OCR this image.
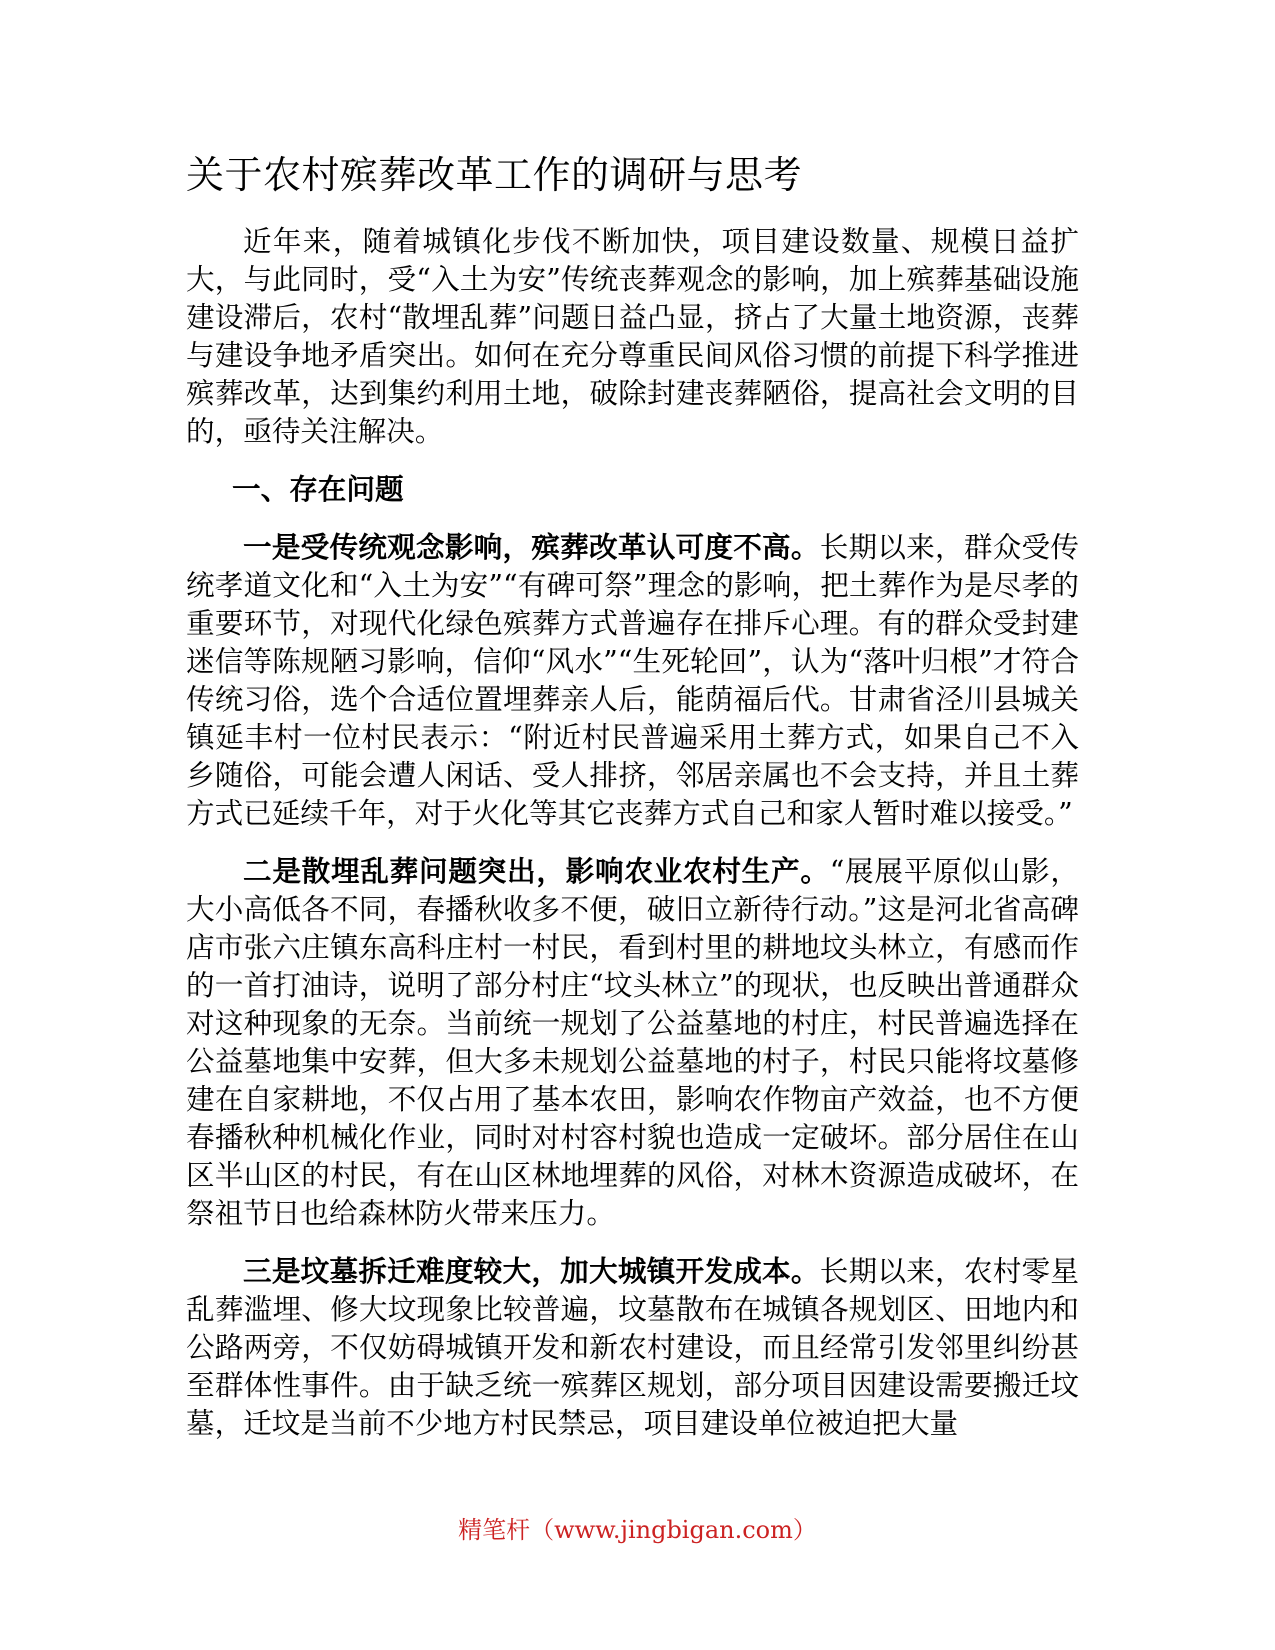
关于农村殡葬改革工作的调研与思考

近年来，随着城镇化步伐不断加快，项目建设数量、规模日益扩大，与此同时，受“入土为安”传统丧葬观念的影响，加上殡葬基础设施建设滞后，农村“散埋乱葬”问题日益凸显，挤占了大量土地资源，丧葬与建设争地矛盾突出。如何在充分尊重民间风俗习惯的前提下科学推进殡葬改革，达到集约利用土地，破除封建丧葬陋俗，提高社会文明的目的，亟待关注解决。

一、存在问题

一是受传统观念影响，殡葬改革认可度不高。长期以来，群众受传统孝道文化和“入土为安”“有碑可祭”理念的影响，把土葬作为是尽孝的重要环节，对现代化绿色殡葬方式普遍存在排斥心理。有的群众受封建迷信等陈规陋习影响，信仰“风水”“生死轮回”，认为“落叶归根”才符合传统习俗，选个合适位置埋葬亲人后，能荫福后代。甘肃省泾川县城关镇延丰村一位村民表示：“附近村民普遍采用土葬方式，如果自己不入乡随俗，可能会遭人闲话、受人排挤，邻居亲属也不会支持，并且土葬方式已延续千年，对于火化等其它丧葬方式自己和家人暂时难以接受。”

二是散埋乱葬问题突出，影响农业农村生产。“展展平原似山影，大小高低各不同，春播秋收多不便，破旧立新待行动。”这是河北省高碑店市张六庄镇东高科庄村一村民，看到村里的耕地坟头林立，有感而作的一首打油诗，说明了部分村庄“坟头林立”的现状，也反映出普通群众对这种现象的无奈。当前统一规划了公益墓地的村庄，村民普遍选择在公益墓地集中安葬，但大多未规划公益墓地的村子，村民只能将坟墓修建在自家耕地，不仅占用了基本农田，影响农作物亩产效益，也不方便春播秋种机械化作业，同时对村容村貌也造成一定破坏。部分居住在山区半山区的村民，有在山区林地埋葬的风俗，对林木资源造成破坏，在祭祖节日也给森林防火带来压力。

三是坟墓拆迁难度较大，加大城镇开发成本。长期以来，农村零星乱葬滥埋、修大坟现象比较普遍，坟墓散布在城镇各规划区、田地内和公路两旁，不仅妨碍城镇开发和新农村建设，而且经常引发邻里纠纷甚至群体性事件。由于缺乏统一殡葬区规划，部分项目因建设需要搬迁坟墓，迁坟是当前不少地方村民禁忌，项目建设单位被迫把大量

精笔杆（www.jingbigan.com）
